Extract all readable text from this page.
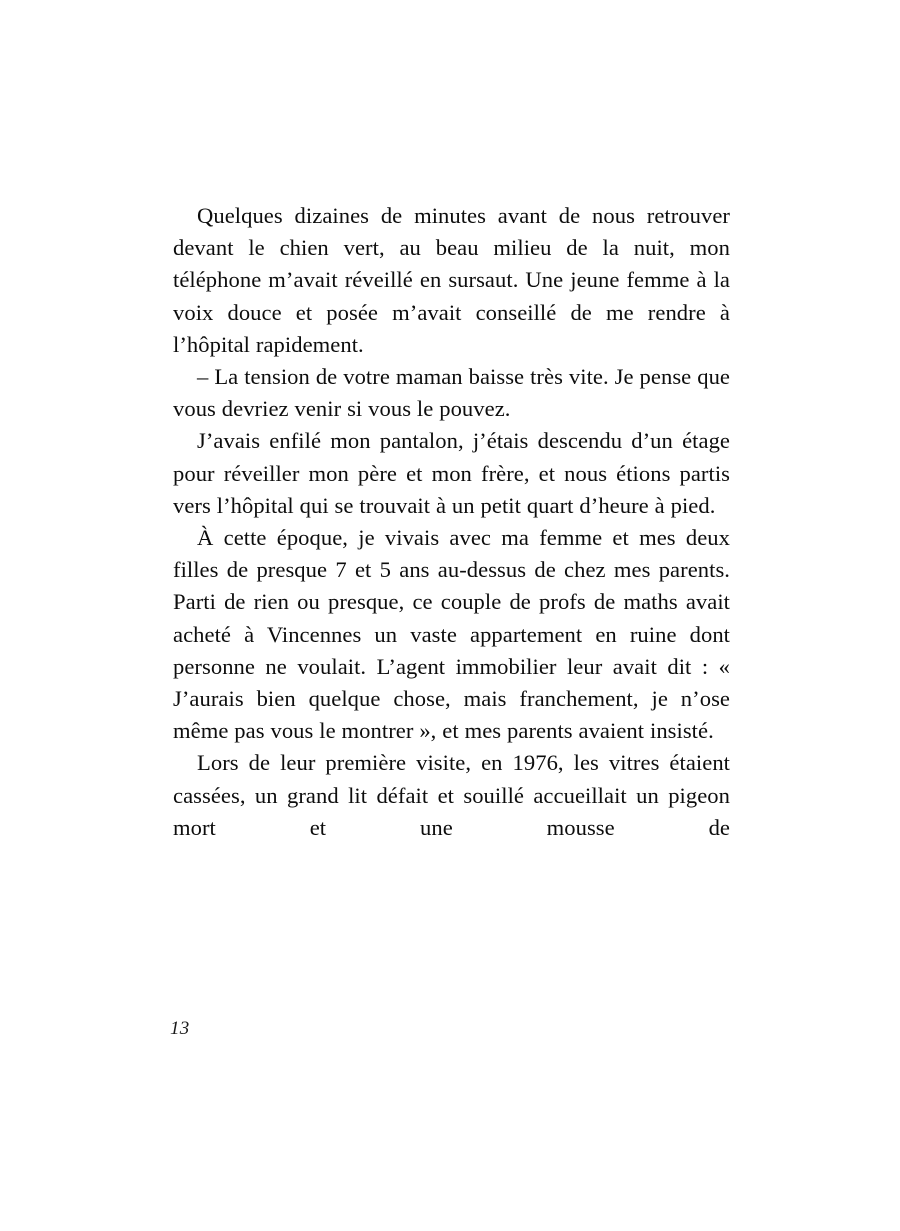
Quelques dizaines de minutes avant de nous retrouver devant le chien vert, au beau milieu de la nuit, mon téléphone m’avait réveillé en sursaut. Une jeune femme à la voix douce et posée m’avait conseillé de me rendre à l’hôpital rapidement.

– La tension de votre maman baisse très vite. Je pense que vous devriez venir si vous le pouvez.

J’avais enfilé mon pantalon, j’étais descendu d’un étage pour réveiller mon père et mon frère, et nous étions partis vers l’hôpital qui se trouvait à un petit quart d’heure à pied.

À cette époque, je vivais avec ma femme et mes deux filles de presque 7 et 5 ans au-dessus de chez mes parents. Parti de rien ou presque, ce couple de profs de maths avait acheté à Vincennes un vaste appartement en ruine dont personne ne voulait. L’agent immobilier leur avait dit : « J’aurais bien quelque chose, mais franchement, je n’ose même pas vous le montrer », et mes parents avaient insisté.

Lors de leur première visite, en 1976, les vitres étaient cassées, un grand lit défait et souillé accueillait un pigeon mort et une mousse de

13
